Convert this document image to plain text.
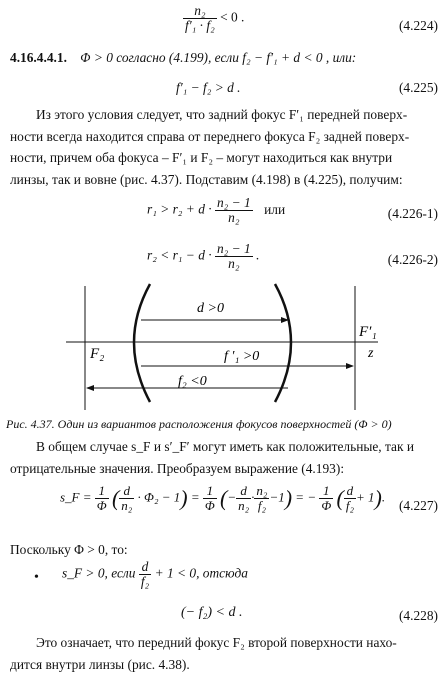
$\frac{\text{n₂}}{\text{f′₁ · f₂}} < 0$ .
(4.224)
4.16.4.4.1. Φ > 0 согласно (4.199), если f₂ − f′₁ + d < 0 , или:
f′₁ − f₂ > d .	(4.225)
Из этого условия следует, что задний фокус F′₁ передней поверх-
ности всегда находится справа от переднего фокуса F₂ задней поверх-
ности, причем оба фокуса – F′₁ и F₂ – могут находиться как внутри
линзы, так и вовне (рис. 4.37). Подставим (4.198) в (4.225), получим:
$r_1 > r_2 + d \cdot \frac{\text{n₂ − 1}}{\text{n₂}}$ или	(4.226-1)
$r_2 < r_1 - d \cdot \frac{\text{n₂ − 1}}{\text{n₂}}$ .	(4.226-2)
d >0
f ′₁ >0
f₂ <0
F₂
F′₁
z
Рис. 4.37. Один из вариантов расположения фокусов поверхностей (Φ > 0)
В общем случае s_F и s′_F′ могут иметь как положительные, так и
отрицательные значения. Преобразуем выражение (4.193):
s_F = $\frac{1}{\Phi}$ ( $\frac{d}{\text{n₂}} \cdot \Phi_2 - 1) = \frac{1}{\Phi}$ (− $\frac{d}{\text{n₂}} \cdot \frac{\text{n₂}}{\text{f₂}} -1$) = − $\frac{1}{\Phi}$ ( $\frac{d}{\text{f₂}} + 1$).
(4.227)
Поскольку Φ > 0, то:
• s_F > 0, если $\frac{d}{\text{f₂}} + 1 < 0$, отсюда
(− f₂) < d .	(4.228)
Это означает, что передний фокус F₂ второй поверхности нахо-
дится внутри линзы (рис. 4.38).
